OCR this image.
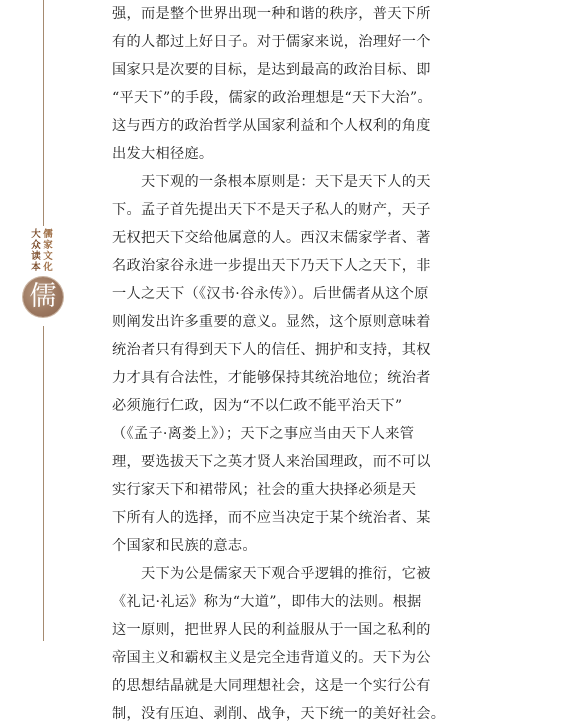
儒
家
文
化
大
众
读
本
儒

强，而是整个世界出现一种和谐的秩序，普天下所
有的人都过上好日子。对于儒家来说，治理好一个
国家只是次要的目标，是达到最高的政治目标、即
“平天下”的手段，儒家的政治理想是“天下大治”。
这与西方的政治哲学从国家利益和个人权利的角度
出发大相径庭。

　　天下观的一条根本原则是：天下是天下人的天
下。孟子首先提出天下不是天子私人的财产，天子
无权把天下交给他属意的人。西汉末儒家学者、著
名政治家谷永进一步提出天下乃天下人之天下，非
一人之天下（《汉书·谷永传》）。后世儒者从这个原
则阐发出许多重要的意义。显然，这个原则意味着
统治者只有得到天下人的信任、拥护和支持，其权
力才具有合法性，才能够保持其统治地位；统治者
必须施行仁政，因为“不以仁政不能平治天下”
（《孟子·离娄上》）；天下之事应当由天下人来管
理，要选拔天下之英才贤人来治国理政，而不可以
实行家天下和裙带风；社会的重大抉择必须是天
下所有人的选择，而不应当决定于某个统治者、某
个国家和民族的意志。

　　天下为公是儒家天下观合乎逻辑的推衍，它被
《礼记·礼运》称为“大道”，即伟大的法则。根据
这一原则，把世界人民的利益服从于一国之私利的
帝国主义和霸权主义是完全违背道义的。天下为公
的思想结晶就是大同理想社会，这是一个实行公有
制，没有压迫、剥削、战争，天下统一的美好社会。
